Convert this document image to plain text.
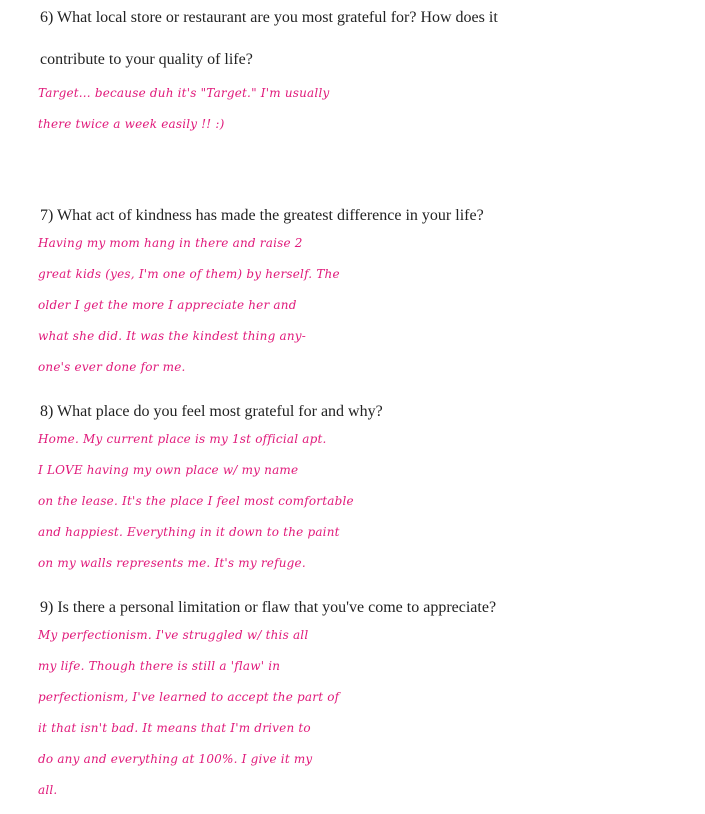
6) What local store or restaurant are you most grateful for? How does it

contribute to your quality of life?

Target... because duh it's "Target." I'm usually
there twice a week easily !! :)

7) What act of kindness has made the greatest difference in your life?

Having my mom hang in there and raise 2
great kids (yes, I'm one of them) by herself. The
older I get the more I appreciate her and
what she did. It was the kindest thing any-
one's ever done for me.

8) What place do you feel most grateful for and why?

Home. My current place is my 1st official apt.
I LOVE having my own place w/ my name
on the lease. It's the place I feel most comfortable
and happiest. Everything in it down to the paint
on my walls represents me. It's my refuge.

9) Is there a personal limitation or flaw that you've come to appreciate?

My perfectionism. I've struggled w/ this all
my life. Though there is still a 'flaw' in
perfectionism, I've learned to accept the part of
it that isn't bad. It means that I'm driven to
do any and everything at 100%. I give it my
all.
